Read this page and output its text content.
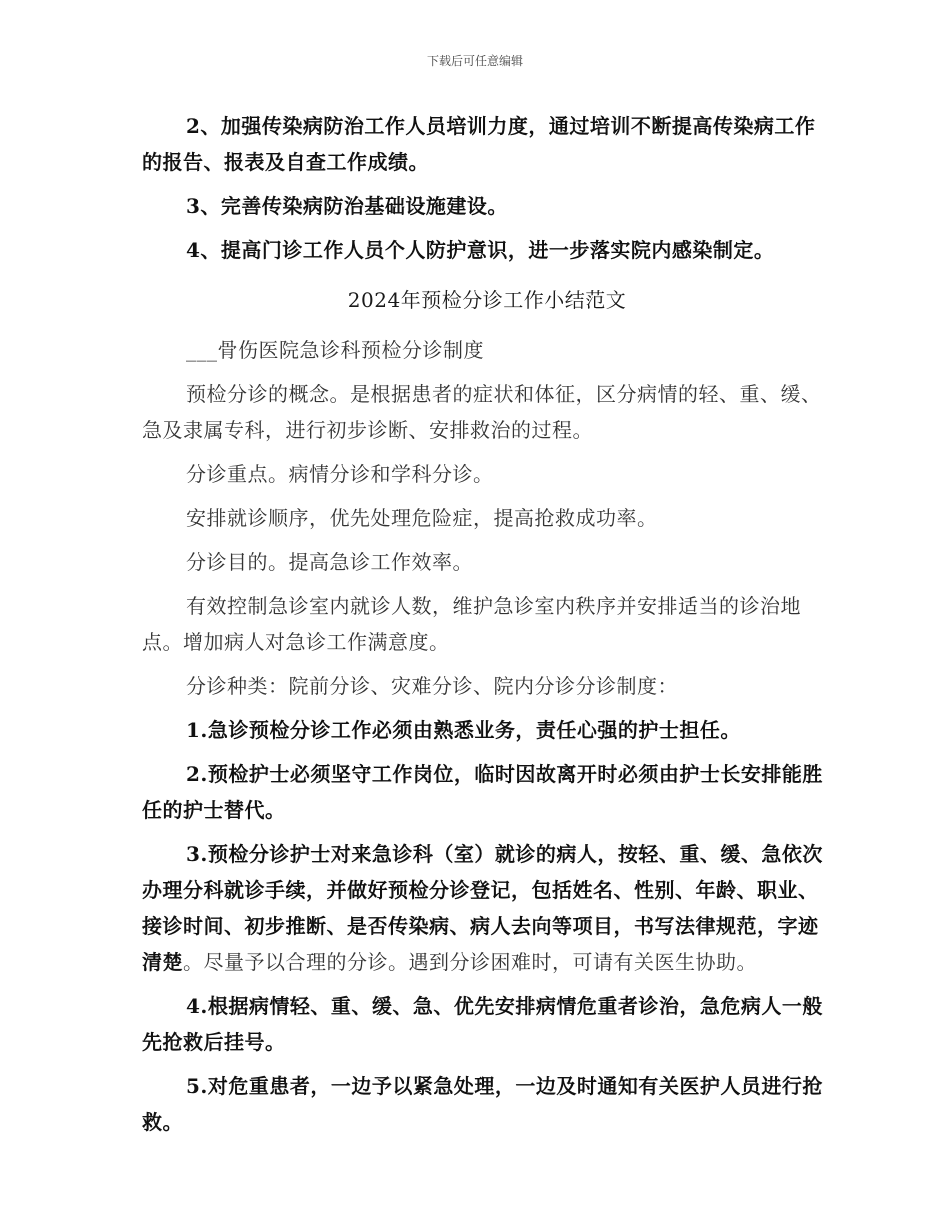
下载后可任意编辑

2、加强传染病防治工作人员培训力度，通过培训不断提高传染病工作的报告、报表及自查工作成绩。

3、完善传染病防治基础设施建设。

4、提高门诊工作人员个人防护意识，进一步落实院内感染制定。

2024年预检分诊工作小结范文

___骨伤医院急诊科预检分诊制度

预检分诊的概念。是根据患者的症状和体征，区分病情的轻、重、缓、急及隶属专科，进行初步诊断、安排救治的过程。

分诊重点。病情分诊和学科分诊。

安排就诊顺序，优先处理危险症，提高抢救成功率。

分诊目的。提高急诊工作效率。

有效控制急诊室内就诊人数，维护急诊室内秩序并安排适当的诊治地点。增加病人对急诊工作满意度。

分诊种类：院前分诊、灾难分诊、院内分诊分诊制度：

1.急诊预检分诊工作必须由熟悉业务，责任心强的护士担任。

2.预检护士必须坚守工作岗位，临时因故离开时必须由护士长安排能胜任的护士替代。

3.预检分诊护士对来急诊科（室）就诊的病人，按轻、重、缓、急依次办理分科就诊手续，并做好预检分诊登记，包括姓名、性别、年龄、职业、接诊时间、初步推断、是否传染病、病人去向等项目，书写法律规范，字迹清楚。尽量予以合理的分诊。遇到分诊困难时，可请有关医生协助。

4.根据病情轻、重、缓、急、优先安排病情危重者诊治，急危病人一般先抢救后挂号。

5.对危重患者，一边予以紧急处理，一边及时通知有关医护人员进行抢救。
